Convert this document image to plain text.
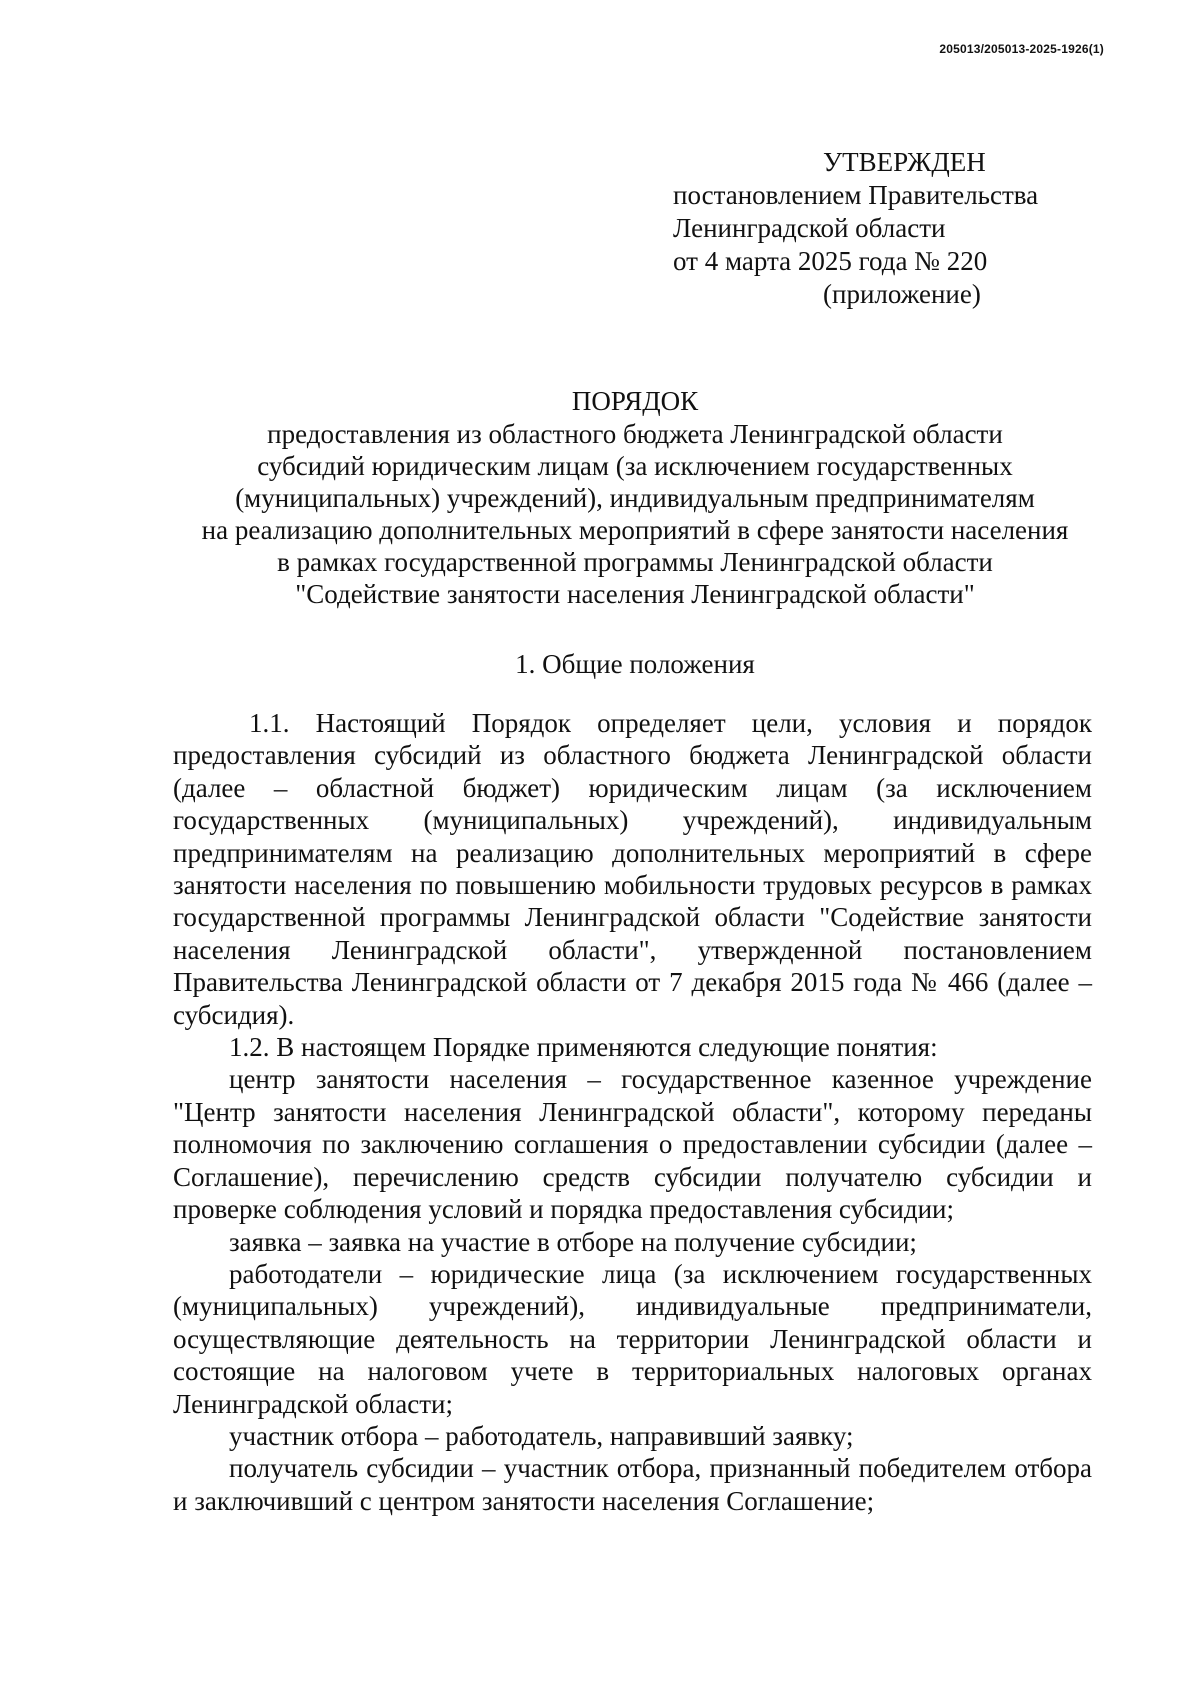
205013/205013-2025-1926(1)
УТВЕРЖДЕН
постановлением Правительства
Ленинградской области
от 4 марта 2025 года № 220
(приложение)
ПОРЯДОК
предоставления из областного бюджета Ленинградской области
субсидий юридическим лицам (за исключением государственных
(муниципальных) учреждений), индивидуальным предпринимателям
на реализацию дополнительных мероприятий в сфере занятости населения
в рамках государственной программы Ленинградской области
"Содействие занятости населения Ленинградской области"
1. Общие положения

1.1. Настоящий Порядок определяет цели, условия и порядок предоставления субсидий из областного бюджета Ленинградской области (далее – областной бюджет) юридическим лицам (за исключением государственных (муниципальных) учреждений), индивидуальным предпринимателям на реализацию дополнительных мероприятий в сфере занятости населения по повышению мобильности трудовых ресурсов в рамках государственной программы Ленинградской области "Содействие занятости населения Ленинградской области", утвержденной постановлением Правительства Ленинградской области от 7 декабря 2015 года № 466 (далее – субсидия).

1.2. В настоящем Порядке применяются следующие понятия:

центр занятости населения – государственное казенное учреждение "Центр занятости населения Ленинградской области", которому переданы полномочия по заключению соглашения о предоставлении субсидии (далее – Соглашение), перечислению средств субсидии получателю субсидии и проверке соблюдения условий и порядка предоставления субсидии;

заявка – заявка на участие в отборе на получение субсидии;

работодатели – юридические лица (за исключением государственных (муниципальных) учреждений), индивидуальные предприниматели, осуществляющие деятельность на территории Ленинградской области и состоящие на налоговом учете в территориальных налоговых органах Ленинградской области;

участник отбора – работодатель, направивший заявку;

получатель субсидии – участник отбора, признанный победителем отбора и заключивший с центром занятости населения Соглашение;
